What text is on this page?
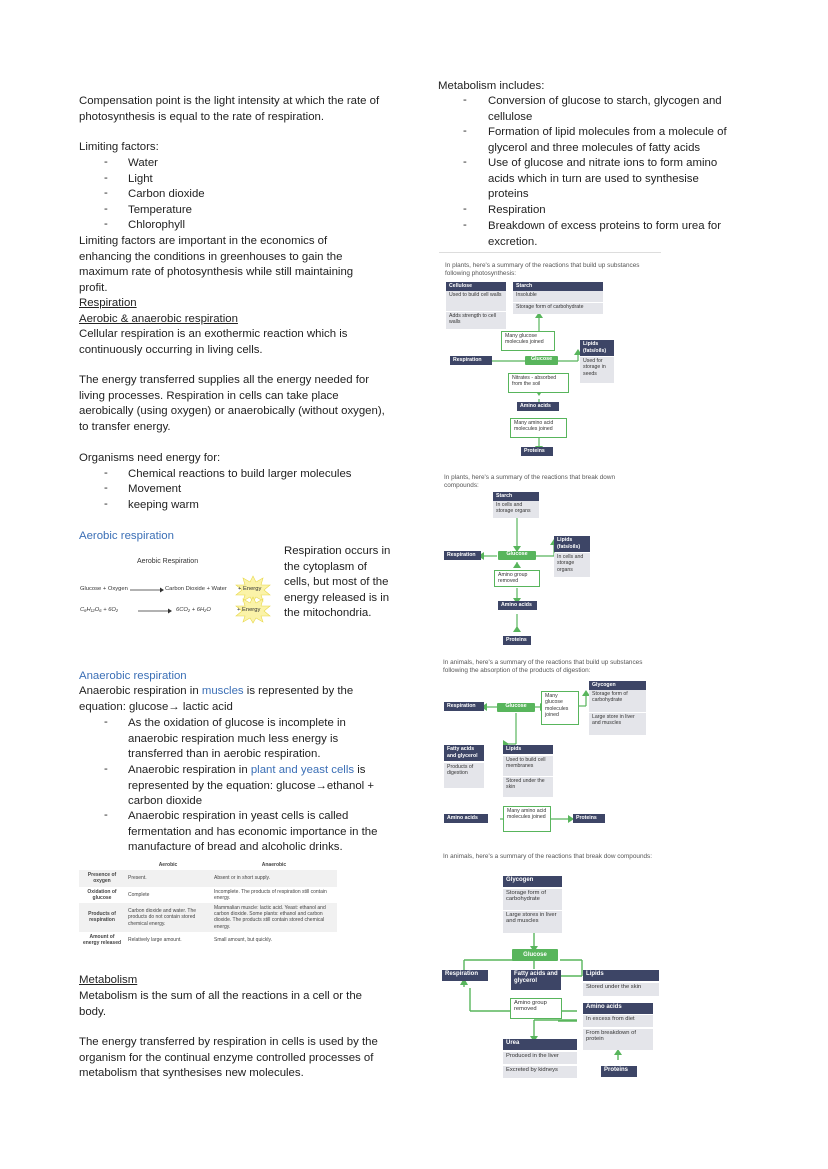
Compensation point is the light intensity at which the rate of photosynthesis is equal to the rate of respiration.

Limiting factors:

- Water
- Light
- Carbon dioxide
- Temperature
- Chlorophyll

Limiting factors are important in the economics of enhancing the conditions in greenhouses to gain the maximum rate of photosynthesis while still maintaining profit.

Respiration

Aerobic & anaerobic respiration

Cellular respiration is an exothermic reaction which is continuously occurring in living cells.

The energy transferred supplies all the energy needed for living processes. Respiration in cells can take place aerobically (using oxygen) or anaerobically (without oxygen), to transfer energy.

Organisms need energy for:

- Chemical reactions to build larger molecules
- Movement
- keeping warm

Aerobic respiration

Aerobic Respiration
Glucose + Oxygen	Carbon Dioxide + Water + Energy
C₆H₁₂O₆ + 6O₂	6CO₂ + 6H₂O	+ Energy

Respiration occurs in the cytoplasm of cells, but most of the energy released is in the mitochondria.

Anaerobic respiration

Anaerobic respiration in muscles is represented by the equation: glucose→ lactic acid

- As the oxidation of glucose is incomplete in anaerobic respiration much less energy is transferred than in aerobic respiration.

- Anaerobic respiration in plant and yeast cells is represented by the equation: glucose→ethanol + carbon dioxide

- Anaerobic respiration in yeast cells is called fermentation and has economic importance in the manufacture of bread and alcoholic drinks.

	Aerobic	Anaerobic
Presence of oxygen	Present.	Absent or in short supply.
Oxidation of glucose	Complete	Incomplete. The products of respiration still contain energy.
Products of respiration	Carbon dioxide and water. The products do not contain stored chemical energy.	Mammalian muscle: lactic acid. Yeast: ethanol and carbon dioxide. Some plants: ethanol and carbon dioxide. The products still contain stored chemical energy.
Amount of energy released	Relatively large amount.	Small amount, but quickly.

Metabolism

Metabolism is the sum of all the reactions in a cell or the body.

The energy transferred by respiration in cells is used by the organism for the continual enzyme controlled processes of metabolism that synthesises new molecules.

Metabolism includes:

- Conversion of glucose to starch, glycogen and cellulose

- Formation of lipid molecules from a molecule of glycerol and three molecules of fatty acids

- Use of glucose and nitrate ions to form amino acids which in turn are used to synthesise proteins

- Respiration

- Breakdown of excess proteins to form urea for excretion.

In plants, here's a summary of the reactions that build up substances following photosynthesis:

Cellulose
Used to build cell walls
Adds strength to cell walls
Starch
Insoluble
Storage form of carbohydrate
Many glucose molecules joined	Lipids (fats/oils)
Used for storage in seeds
Respiration	Glucose
Nitrates - absorbed from the soil
Amino acids
Many amino acid molecules joined
Proteins

In plants, here's a summary of the reactions that break down compounds:

Starch
In cells and storage organs
Lipids (fats/oils)
In cells and storage organs
Respiration	Glucose
Amino group removed
Amino acids
Proteins

In animals, here's a summary of the reactions that build up substances following the absorption of the products of digestion:

Glycogen
Storage form of carbohydrate
Large store in liver and muscles
Many glucose molecules joined
Respiration	Glucose
Fatty acids and glycerol
Products of digestion
Lipids
Used to build cell membranes
Stored under the skin
Amino acids
Many amino acid molecules joined	Proteins

In animals, here's a summary of the reactions that break dow compounds:

Glycogen
Storage form of carbohydrate
Large stores in liver and muscles
Glucose
Respiration	Fatty acids and glycerol
Lipids
Stored under the skin
Amino group removed	Amino acids
In excess from diet
From breakdown of protein
Urea
Produced in the liver
Excreted by kidneys	Proteins
